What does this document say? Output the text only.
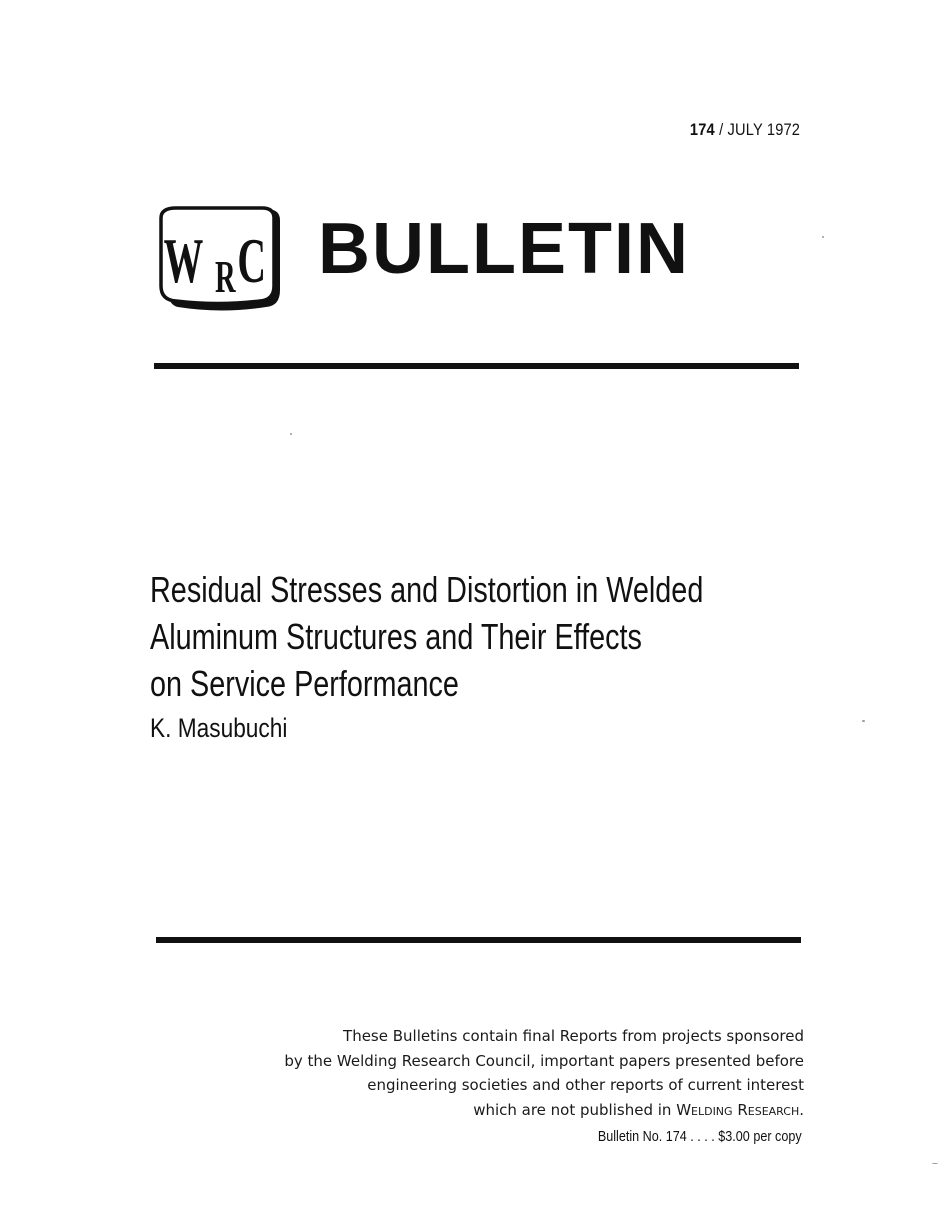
174 / JULY 1972
W R C BULLETIN
Residual Stresses and Distortion in Welded
Aluminum Structures and Their Effects
on Service Performance
K. Masubuchi
These Bulletins contain final Reports from projects sponsored
by the Welding Research Council, important papers presented before
engineering societies and other reports of current interest
which are not published in Welding Research.
Bulletin No. 174 . . . . $3.00 per copy
